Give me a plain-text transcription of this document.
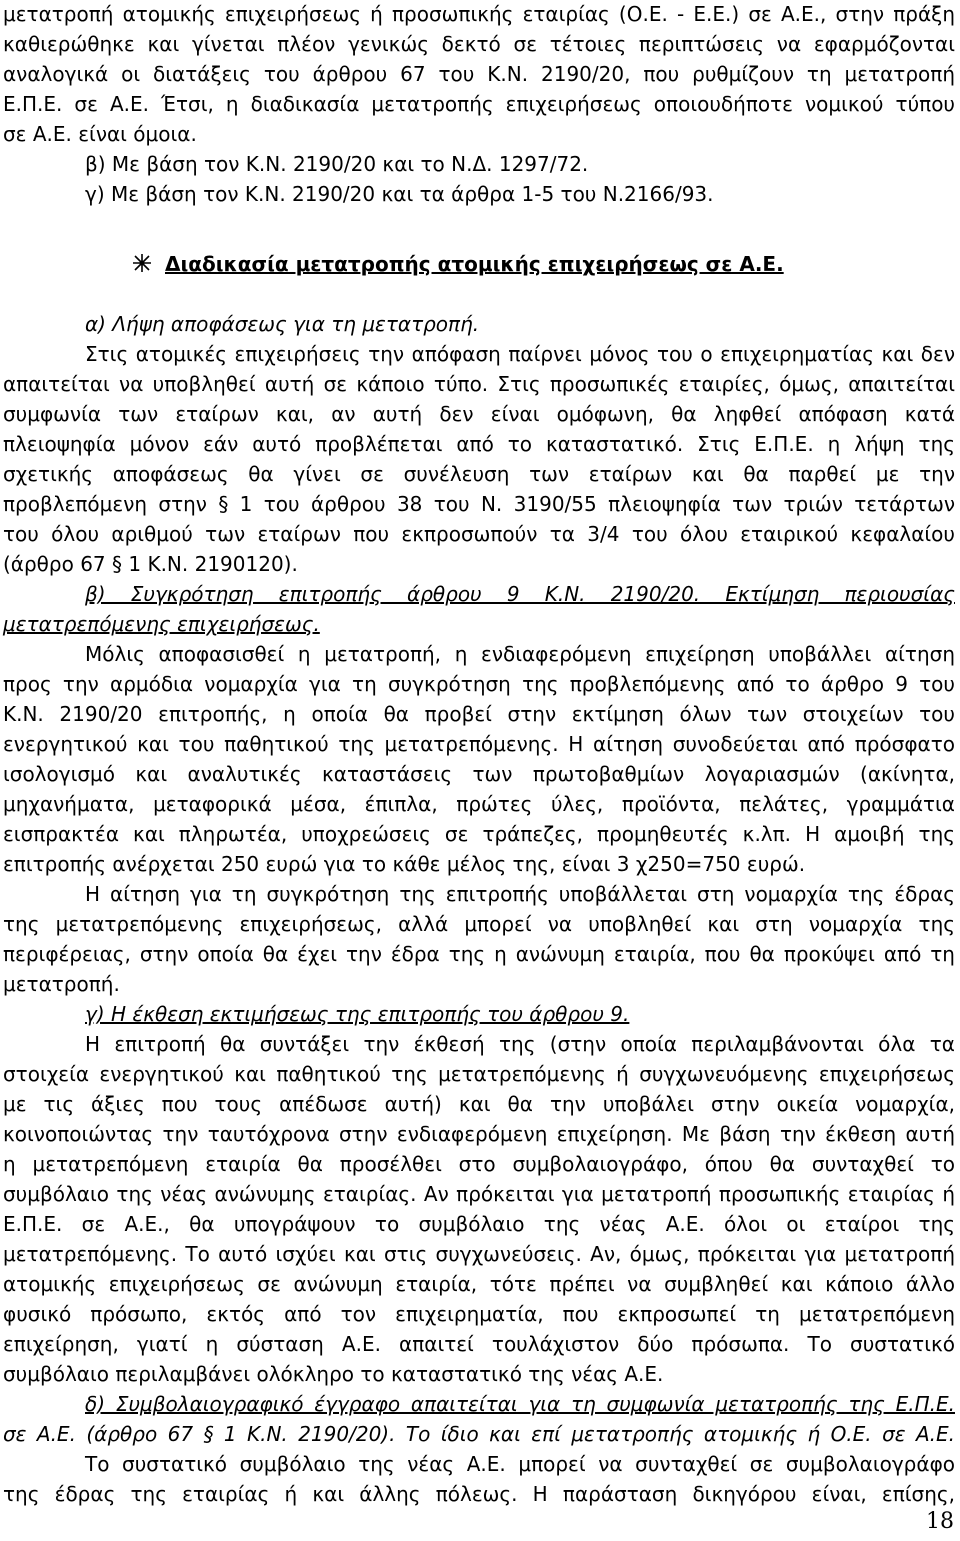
μετατροπή ατομικής επιχειρήσεως ή προσωπικής εταιρίας (Ο.Ε. - Ε.Ε.) σε Α.Ε., στην πράξη
καθιερώθηκε και γίνεται πλέον γενικώς δεκτό σε τέτοιες περιπτώσεις να εφαρμόζονται
αναλογικά οι διατάξεις του άρθρου 67 του Κ.Ν. 2190/20, που ρυθμίζουν τη μετατροπή
Ε.Π.Ε. σε Α.Ε. Έτσι, η διαδικασία μετατροπής επιχειρήσεως οποιουδήποτε νομικού τύπου
σε Α.Ε. είναι όμοια.
β) Με βάση τον Κ.Ν. 2190/20 και το Ν.Δ. 1297/72.
γ) Με βάση τον Κ.Ν. 2190/20 και τα άρθρα 1-5 του Ν.2166/93.
Διαδικασία μετατροπής ατομικής επιχειρήσεως σε Α.Ε.
α) Λήψη αποφάσεως για τη μετατροπή.
Στις ατομικές επιχειρήσεις την απόφαση παίρνει μόνος του ο επιχειρηματίας και δεν
απαιτείται να υποβληθεί αυτή σε κάποιο τύπο. Στις προσωπικές εταιρίες, όμως, απαιτείται
συμφωνία των εταίρων και, αν αυτή δεν είναι ομόφωνη, θα ληφθεί απόφαση κατά
πλειοψηφία μόνον εάν αυτό προβλέπεται από το καταστατικό. Στις Ε.Π.Ε. η λήψη της
σχετικής αποφάσεως θα γίνει σε συνέλευση των εταίρων και θα παρθεί με την
προβλεπόμενη στην § 1 του άρθρου 38 του Ν. 3190/55 πλειοψηφία των τριών τετάρτων
του όλου αριθμού των εταίρων που εκπροσωπούν τα 3/4 του όλου εταιρικού κεφαλαίου
(άρθρο 67 § 1 Κ.Ν. 2190120).
β) Συγκρότηση επιτροπής άρθρου 9 Κ.Ν. 2190/20. Εκτίμηση περιουσίας
μετατρεπόμενης επιχειρήσεως.
Μόλις αποφασισθεί η μετατροπή, η ενδιαφερόμενη επιχείρηση υποβάλλει αίτηση
προς την αρμόδια νομαρχία για τη συγκρότηση της προβλεπόμενης από το άρθρο 9 του
Κ.Ν. 2190/20 επιτροπής, η οποία θα προβεί στην εκτίμηση όλων των στοιχείων του
ενεργητικού και του παθητικού της μετατρεπόμενης. Η αίτηση συνοδεύεται από πρόσφατο
ισολογισμό και αναλυτικές καταστάσεις των πρωτοβαθμίων λογαριασμών (ακίνητα,
μηχανήματα, μεταφορικά μέσα, έπιπλα, πρώτες ύλες, προϊόντα, πελάτες, γραμμάτια
εισπρακτέα και πληρωτέα, υποχρεώσεις σε τράπεζες, προμηθευτές κ.λπ. Η αμοιβή της
επιτροπής ανέρχεται 250 ευρώ για το κάθε μέλος της, είναι 3 χ250=750 ευρώ.
Η αίτηση για τη συγκρότηση της επιτροπής υποβάλλεται στη νομαρχία της έδρας
της μετατρεπόμενης επιχειρήσεως, αλλά μπορεί να υποβληθεί και στη νομαρχία της
περιφέρειας, στην οποία θα έχει την έδρα της η ανώνυμη εταιρία, που θα προκύψει από τη
μετατροπή.
γ) Η έκθεση εκτιμήσεως της επιτροπής του άρθρου 9.
Η επιτροπή θα συντάξει την έκθεσή της (στην οποία περιλαμβάνονται όλα τα
στοιχεία ενεργητικού και παθητικού της μετατρεπόμενης ή συγχωνευόμενης επιχειρήσεως
με τις άξιες που τους απέδωσε αυτή) και θα την υποβάλει στην οικεία νομαρχία,
κοινοποιώντας την ταυτόχρονα στην ενδιαφερόμενη επιχείρηση. Με βάση την έκθεση αυτή
η μετατρεπόμενη εταιρία θα προσέλθει στο συμβολαιογράφο, όπου θα συνταχθεί το
συμβόλαιο της νέας ανώνυμης εταιρίας. Αν πρόκειται για μετατροπή προσωπικής εταιρίας ή
Ε.Π.Ε. σε Α.Ε., θα υπογράψουν το συμβόλαιο της νέας Α.Ε. όλοι οι εταίροι της
μετατρεπόμενης. Το αυτό ισχύει και στις συγχωνεύσεις. Αν, όμως, πρόκειται για μετατροπή
ατομικής επιχειρήσεως σε ανώνυμη εταιρία, τότε πρέπει να συμβληθεί και κάποιο άλλο
φυσικό πρόσωπο, εκτός από τον επιχειρηματία, που εκπροσωπεί τη μετατρεπόμενη
επιχείρηση, γιατί η σύσταση Α.Ε. απαιτεί τουλάχιστον δύο πρόσωπα. Το συστατικό
συμβόλαιο περιλαμβάνει ολόκληρο το καταστατικό της νέας Α.Ε.
δ) Συμβολαιογραφικό έγγραφο απαιτείται για τη συμφωνία μετατροπής της Ε.Π.Ε.
σε Α.Ε. (άρθρο 67 § 1 Κ.Ν. 2190/20). Το ίδιο και επί μετατροπής ατομικής ή Ο.Ε. σε Α.Ε.
Το συστατικό συμβόλαιο της νέας Α.Ε. μπορεί να συνταχθεί σε συμβολαιογράφο
της έδρας της εταιρίας ή και άλλης πόλεως. Η παράσταση δικηγόρου είναι, επίσης,
18
